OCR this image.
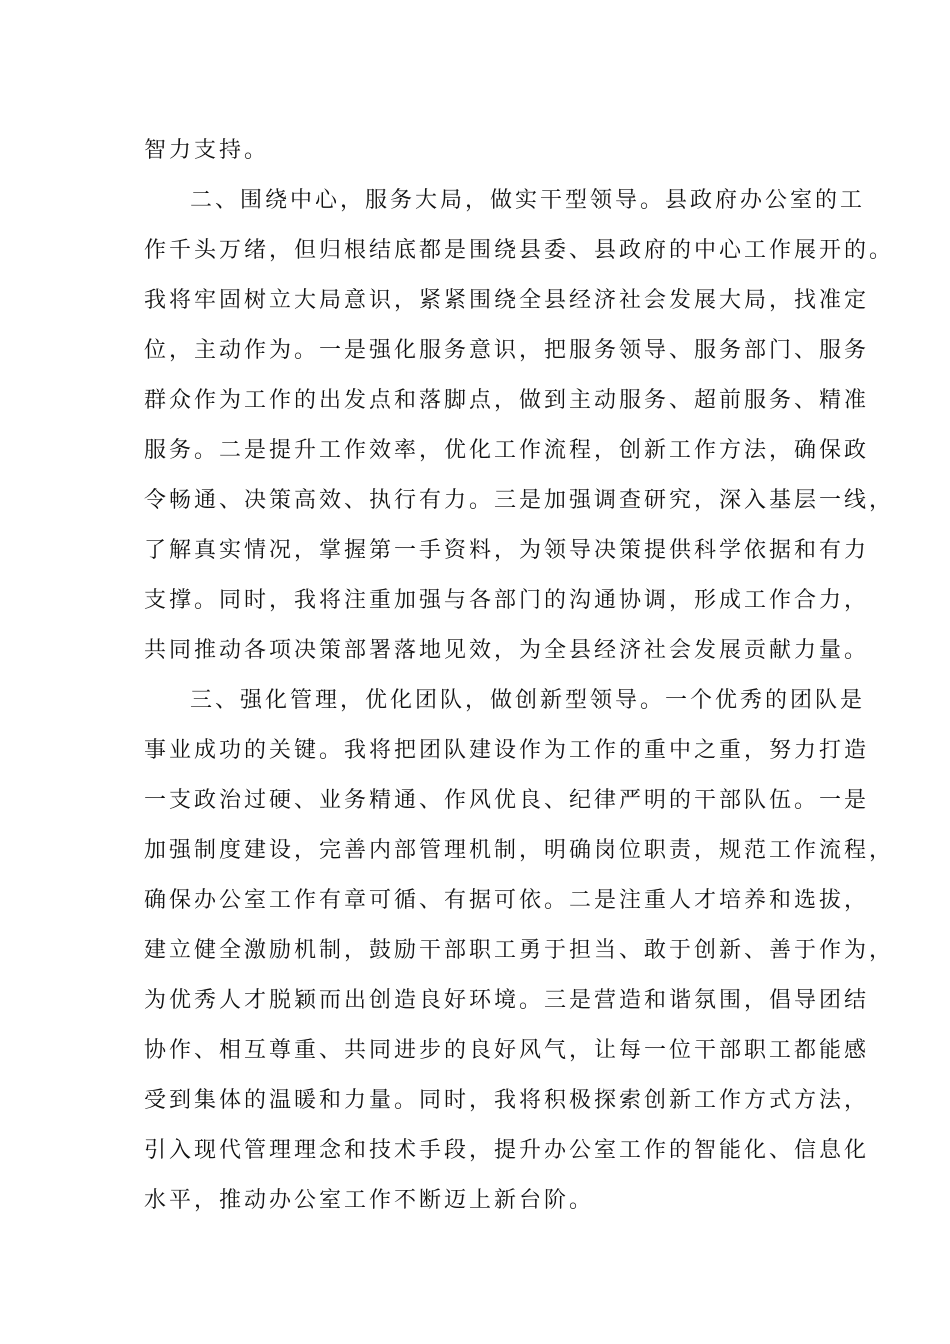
智力支持。
二、围绕中心，服务大局，做实干型领导。县政府办公室的工
作千头万绪，但归根结底都是围绕县委、县政府的中心工作展开的。
我将牢固树立大局意识，紧紧围绕全县经济社会发展大局，找准定
位，主动作为。一是强化服务意识，把服务领导、服务部门、服务
群众作为工作的出发点和落脚点，做到主动服务、超前服务、精准
服务。二是提升工作效率，优化工作流程，创新工作方法，确保政
令畅通、决策高效、执行有力。三是加强调查研究，深入基层一线，
了解真实情况，掌握第一手资料，为领导决策提供科学依据和有力
支撑。同时，我将注重加强与各部门的沟通协调，形成工作合力，
共同推动各项决策部署落地见效，为全县经济社会发展贡献力量。
三、强化管理，优化团队，做创新型领导。一个优秀的团队是
事业成功的关键。我将把团队建设作为工作的重中之重，努力打造
一支政治过硬、业务精通、作风优良、纪律严明的干部队伍。一是
加强制度建设，完善内部管理机制，明确岗位职责，规范工作流程，
确保办公室工作有章可循、有据可依。二是注重人才培养和选拔，
建立健全激励机制，鼓励干部职工勇于担当、敢于创新、善于作为，
为优秀人才脱颖而出创造良好环境。三是营造和谐氛围，倡导团结
协作、相互尊重、共同进步的良好风气，让每一位干部职工都能感
受到集体的温暖和力量。同时，我将积极探索创新工作方式方法，
引入现代管理理念和技术手段，提升办公室工作的智能化、信息化
水平，推动办公室工作不断迈上新台阶。
